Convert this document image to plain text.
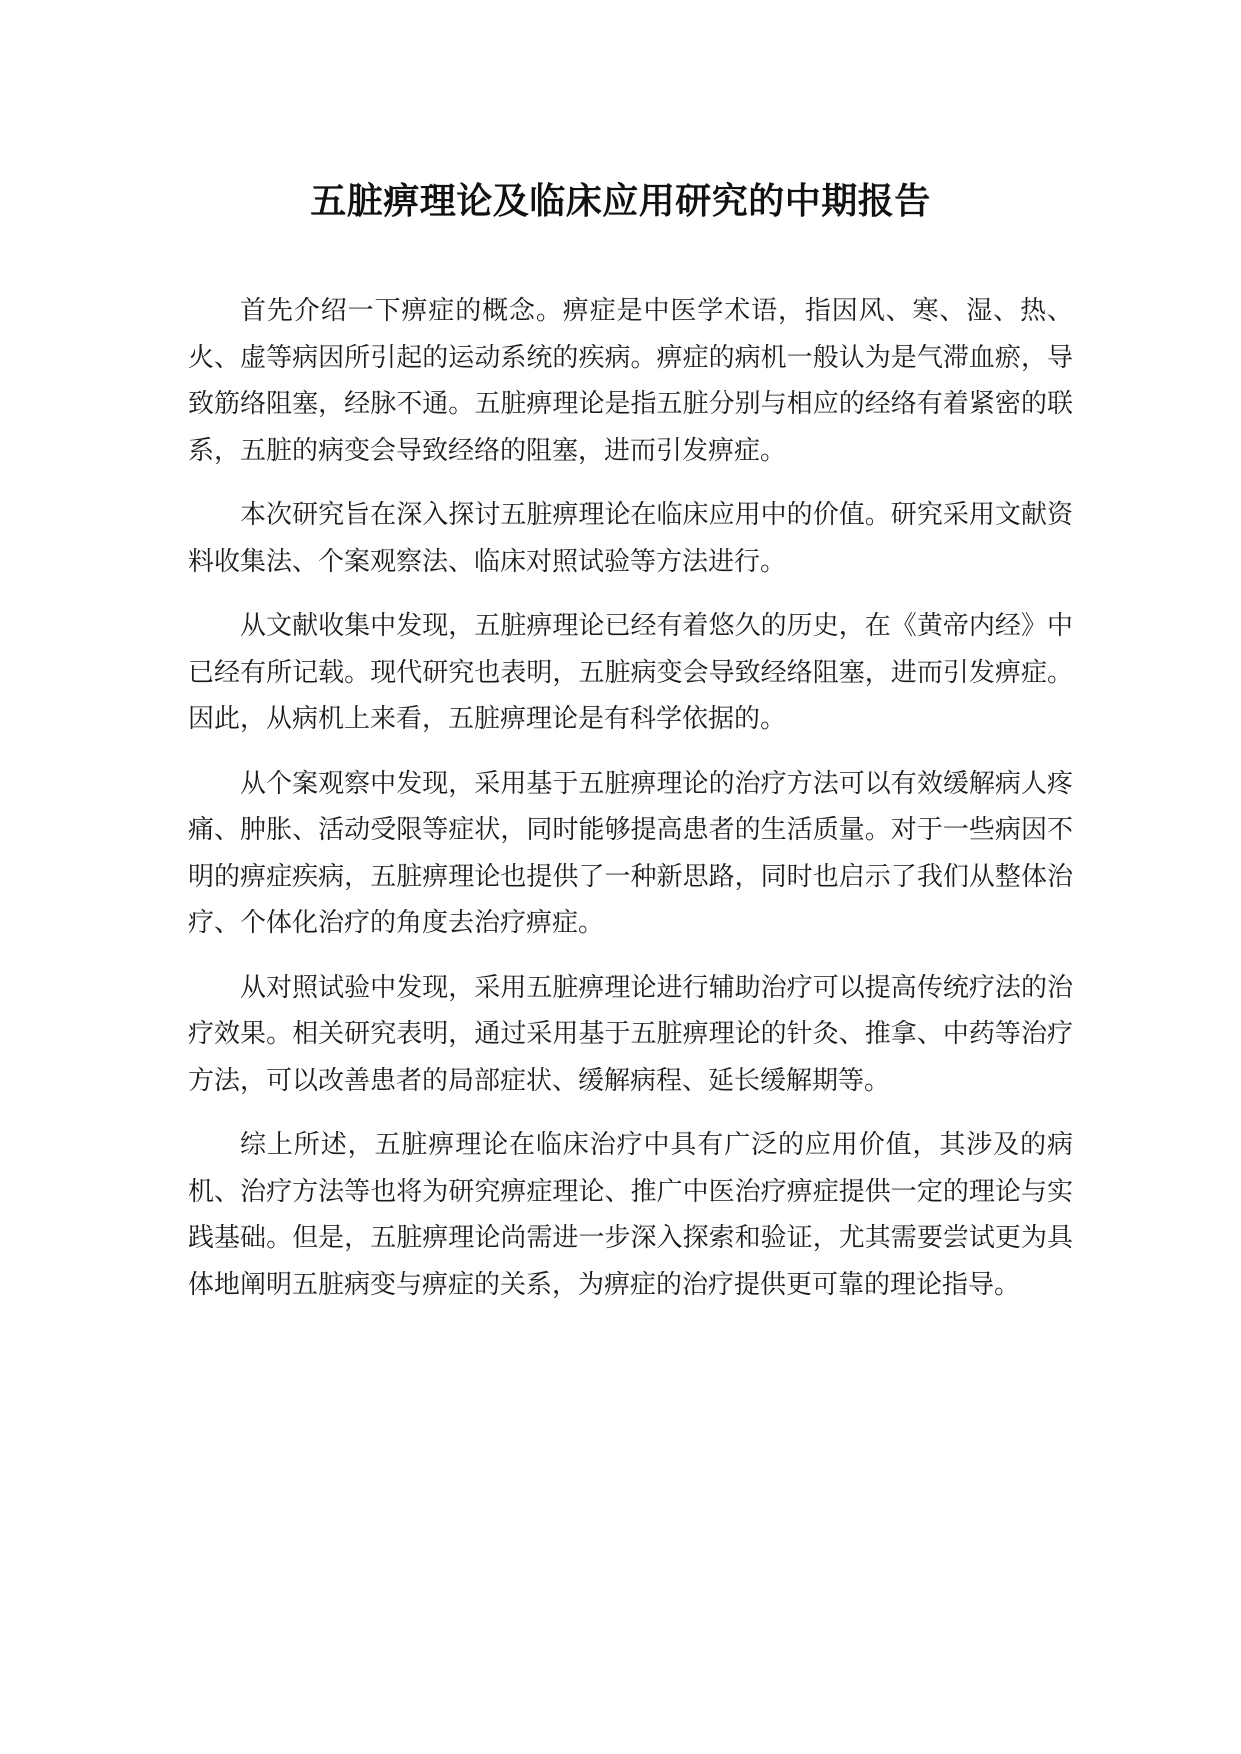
五脏痹理论及临床应用研究的中期报告

首先介绍一下痹症的概念。痹症是中医学术语，指因风、寒、湿、热、火、虚等病因所引起的运动系统的疾病。痹症的病机一般认为是气滞血瘀，导致筋络阻塞，经脉不通。五脏痹理论是指五脏分别与相应的经络有着紧密的联系，五脏的病变会导致经络的阻塞，进而引发痹症。

本次研究旨在深入探讨五脏痹理论在临床应用中的价值。研究采用文献资料收集法、个案观察法、临床对照试验等方法进行。

从文献收集中发现，五脏痹理论已经有着悠久的历史，在《黄帝内经》中已经有所记载。现代研究也表明，五脏病变会导致经络阻塞，进而引发痹症。因此，从病机上来看，五脏痹理论是有科学依据的。

从个案观察中发现，采用基于五脏痹理论的治疗方法可以有效缓解病人疼痛、肿胀、活动受限等症状，同时能够提高患者的生活质量。对于一些病因不明的痹症疾病，五脏痹理论也提供了一种新思路，同时也启示了我们从整体治疗、个体化治疗的角度去治疗痹症。

从对照试验中发现，采用五脏痹理论进行辅助治疗可以提高传统疗法的治疗效果。相关研究表明，通过采用基于五脏痹理论的针灸、推拿、中药等治疗方法，可以改善患者的局部症状、缓解病程、延长缓解期等。

综上所述，五脏痹理论在临床治疗中具有广泛的应用价值，其涉及的病机、治疗方法等也将为研究痹症理论、推广中医治疗痹症提供一定的理论与实践基础。但是，五脏痹理论尚需进一步深入探索和验证，尤其需要尝试更为具体地阐明五脏病变与痹症的关系，为痹症的治疗提供更可靠的理论指导。
